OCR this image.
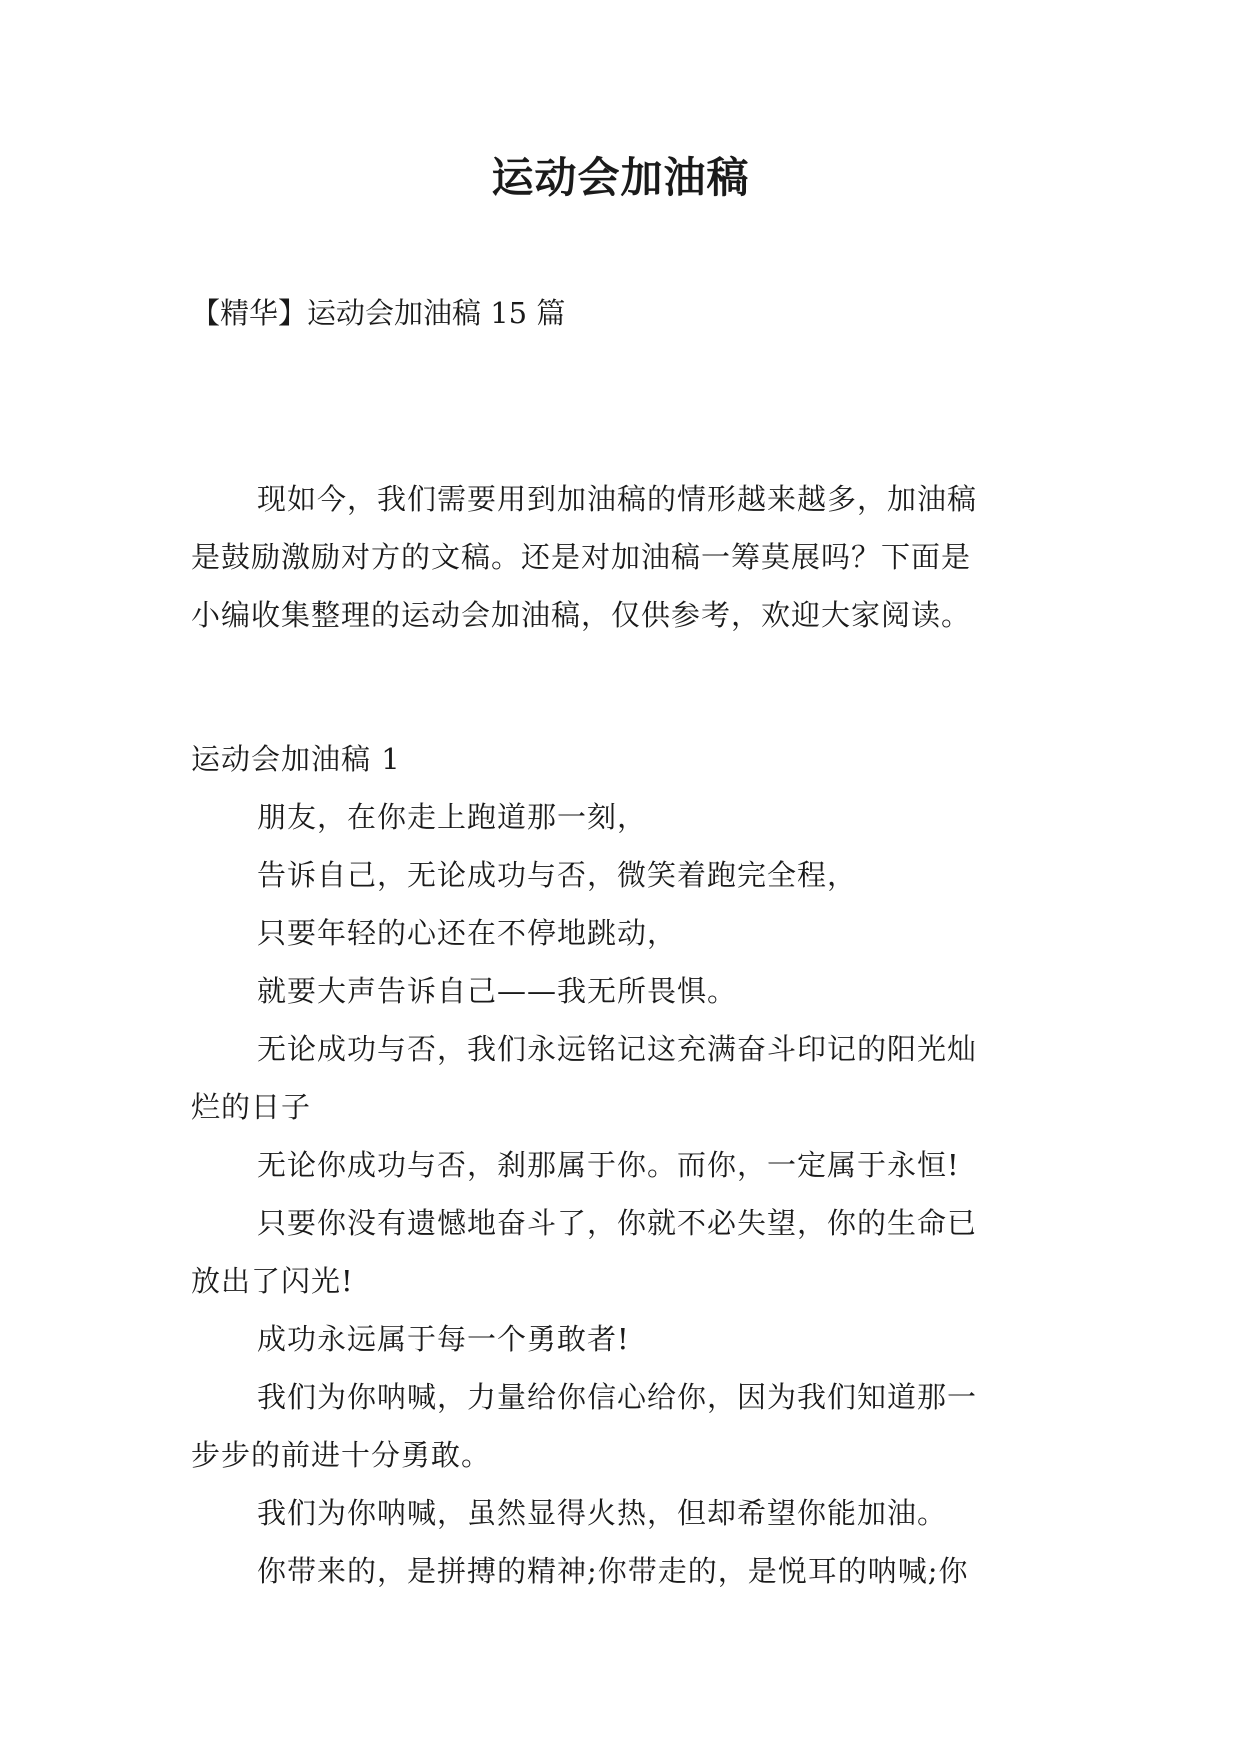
运动会加油稿

【精华】运动会加油稿 15 篇

现如今，我们需要用到加油稿的情形越来越多，加油稿
是鼓励激励对方的文稿。还是对加油稿一筹莫展吗？下面是
小编收集整理的运动会加油稿，仅供参考，欢迎大家阅读。
运动会加油稿 1
朋友，在你走上跑道那一刻，
告诉自己，无论成功与否，微笑着跑完全程，
只要年轻的心还在不停地跳动，
就要大声告诉自己——我无所畏惧。
无论成功与否，我们永远铭记这充满奋斗印记的阳光灿
烂的日子
无论你成功与否，刹那属于你。而你，一定属于永恒!
只要你没有遗憾地奋斗了，你就不必失望，你的生命已
放出了闪光!
成功永远属于每一个勇敢者!
我们为你呐喊，力量给你信心给你，因为我们知道那一
步步的前进十分勇敢。
我们为你呐喊，虽然显得火热，但却希望你能加油。
你带来的，是拼搏的精神;你带走的，是悦耳的呐喊;你
